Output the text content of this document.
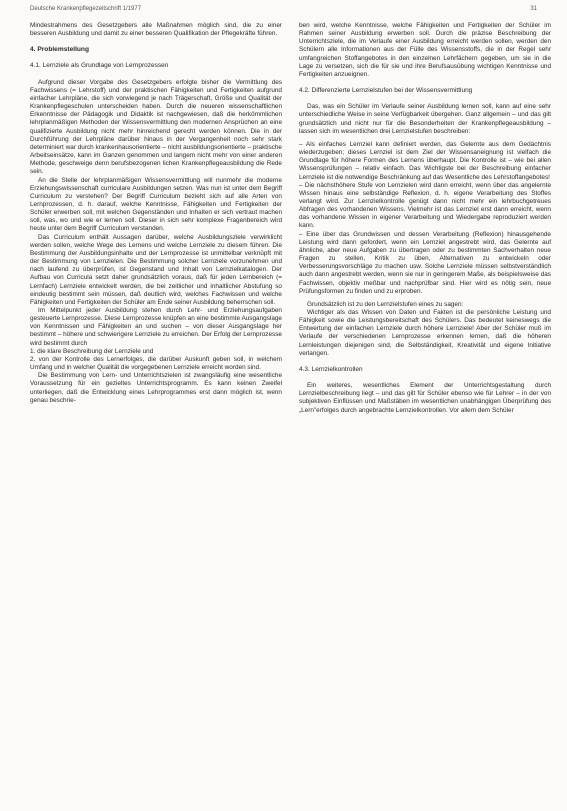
Deutsche Krankenpflegezeitschrift 1/1977	31

Mindestrahmens des Gesetzgebers alle Maßnahmen möglich sind, die zu einer besseren Ausbildung und damit zu einer besseren Qualifikation der Pflegekräfte führen.

4. Problemstellung
4.1. Lernziele als Grundlage von Lernprozessen

Aufgrund dieser Vorgabe des Gesetzgebers erfolgte bisher die Vermittlung des Fachwissens (= Lehrstoff) und der praktischen Fähigkeiten und Fertigkeiten aufgrund einfacher Lehrpläne, die sich vorwiegend je nach Trägerschaft, Größe und Qualität der Krankenpflegeschulen unterscheiden haben. Durch die neueren wissenschaftlichen Erkenntnisse der Pädagogik und Didaktik ist nachgewiesen, daß die herkömmlichen lehrplanmäßigen Methoden der Wissensvermittlung den modernen Ansprüchen an eine qualifizierte Ausbildung nicht mehr hinreichend gerecht werden können. Die in der Durchführung der Lehrpläne darüber hinaus in der Vergangenheit noch sehr stark determiniert war durch krankenhausorientierte – nicht ausbildungsorientierte – praktische Arbeitseinsätze, kann im Ganzen genommen und langem nicht mehr von einer anderen Methode, geschweige denn berufsbezogenen lichen Krankenpflegeausbildung die Rede sein.

An die Stelle der lehrplanmäßigen Wissensvermittlung will nunmehr die moderne Erziehungswissenschaft curriculare Ausbildungen setzen. Was nun ist unter dem Begriff Curriculum zu verstehen? Der Begriff Curriculum bezieht sich auf alle Arten von Lernprozessen, d. h. darauf, welche Kenntnisse, Fähigkeiten und Fertigkeiten der Schüler erwerben soll, mit welchen Gegenständen und Inhalten er sich vertraut machen soll, was, wo und wie er lernen soll. Dieser in sich sehr komplexe Fragenbereich wird heute unter dem Begriff Curriculum verstanden.

Das Curriculum enthält Aussagen darüber, welche Ausbildungsziele verwirklicht werden sollen, welche Wege des Lernens und welche Lernziele zu diesem führen. Die Bestimmung der Ausbildungsinhalte und der Lernprozesse ist unmittelbar verknüpft mit der Bestimmung von Lernzielen. Die Bestimmung solcher Lernziele vorzunehmen und nach laufend zu überprüfen, ist Gegenstand und Inhalt von Lernzielkatalogen. Der Aufbau von Curricula setzt daher grundsätzlich voraus, daß für jeden Lernbereich (= Lernfach) Lernziele entwickelt werden, die bei zeitlicher und inhaltlicher Abstufung so eindeutig bestimmt sein müssen, daß deutlich wird, welches Fachwissen und welche Fähigkeiten und Fertigkeiten der Schüler am Ende seiner Ausbildung beherrschen soll.

Im Mittelpunkt jeder Ausbildung stehen durch Lehr- und Erziehungsaufgaben gesteuerte Lernprozesse. Diese Lernprozesse knüpfen an eine bestimmte Ausgangslage von Kenntnissen und Fähigkeiten an und suchen – von dieser Ausgangslage her bestimmt – höhere und schwierigere Lernziele zu erreichen. Der Erfolg der Lernprozesse wird bestimmt durch

1. die klare Beschreibung der Lernziele und
2. von der Kontrolle des Lernerfolges, die darüber Auskunft geben soll, in welchem Umfang und in welcher Qualität die vorgegebenen Lernziele erreicht worden sind.

Die Bestimmung von Lern- und Unterrichtszielen ist zwangsläufig eine wesentliche Voraussetzung für ein gezieltes Unterrichtsprogramm. Es kann keinen Zweifel unterliegen, daß die Entwicklung eines Lehrprogrammes erst dann möglich ist, wenn genau beschrie-

ben wird, welche Kenntnisse, welche Fähigkeiten und Fertigkeiten der Schüler im Rahmen seiner Ausbildung erwerben soll. Durch die präzise Beschreibung der Unterrichtsziele, die im Verlaufe einer Ausbildung erreicht werden sollen, werden den Schülern alle Informationen aus der Fülle des Wissensstoffs, die in der Regel sehr umfangreichen Stoffangebotes in den einzelnen Lehrfächern gegeben, um sie in die Lage zu versetzen, sich die für sie und ihre Berufsausübung wichtigen Kenntnisse und Fertigkeiten anzueignen.

4.2. Differenzierte Lernzielstufen bei der Wissensvermittlung

Das, was ein Schüler im Verlaufe seiner Ausbildung lernen soll, kann auf eine sehr unterschiedliche Weise in seine Verfügbarkeit übergehen. Ganz allgemein – und das gilt grundsätzlich und nicht nur für die Besonderheiten der Krankenpflegeausbildung – lassen sich im wesentlichen drei Lernzielstufen beschreiben:

– Als einfaches Lernziel kann definiert werden, das Gelernte aus dem Gedächtnis wiederzugeben; dieses Lernziel ist dem Ziel der Wissensaneignung ist vielfach die Grundlage für höhere Formen des Lernens überhaupt. Die Kontrolle ist – wie bei allen Wissensprüfungen – relativ einfach. Das Wichtigste bei der Beschreibung einfacher Lernziele ist die notwendige Beschränkung auf das Wesentliche des Lehrstoffangebotes!

– Die nächsthöhere Stufe von Lernzielen wird dann erreicht, wenn über das angelernte Wissen hinaus eine selbständige Reflexion, d. h. eigene Verarbeitung des Stoffes verlangt wird. Zur Lernzielkontrolle genügt dann nicht mehr ein lehrbuchgetreues Abfragen des vorhandenen Wissens. Vielmehr ist das Lernziel erst dann erreicht, wenn das vorhandene Wissen in eigener Verarbeitung und Wiedergabe reproduziert werden kann.

– Eine über das Grundwissen und dessen Verarbeitung (Reflexion) hinausgehende Leistung wird dann gefordert, wenn ein Lernziel angestrebt wird, das Gelernte auf ähnliche, aber neue Aufgaben zu übertragen oder zu bestimmten Sachverhalten neue Fragen zu stellen, Kritik zu üben, Alternativen zu entwickeln oder Verbesserungsvorschläge zu machen usw. Solche Lernziele müssen selbstverständlich auch dann angestrebt werden, wenn sie nur in geringerem Maße, als beispielsweise das Fachwissen, objektiv meßbar und nachprüfbar sind. Hier wird es nötig sein, neue Prüfungsformen zu finden und zu erproben.

Grundsätzlich ist zu den Lernzielstufen eines zu sagen:

Wichtiger als das Wissen von Daten und Fakten ist die persönliche Leistung und Fähigkeit sowie die Leistungsbereitschaft des Schülers. Das bedeutet keineswegs die Entwertung der einfachen Lernziele durch höhere Lernziele! Aber der Schüler muß im Verlaufe der verschiedenen Lernprozesse erkennen lernen, daß die höheren Lernleistungen diejenigen sind, die Selbständigkeit, Kreativität und eigene Initiative verlangen.

4.3. Lernzielkontrollen

Ein weiteres, wesentliches Element der Unterrichtsgestaltung durch Lernzielbeschreibung liegt – und das gilt für Schüler ebenso wie für Lehrer – in der von subjektiven Einflüssen und Maßstäben im wesentlichen unabhängigen Überprüfung des „Lern"erfolges durch angebrachte Lernzielkontrollen. Vor allem dem Schüler
